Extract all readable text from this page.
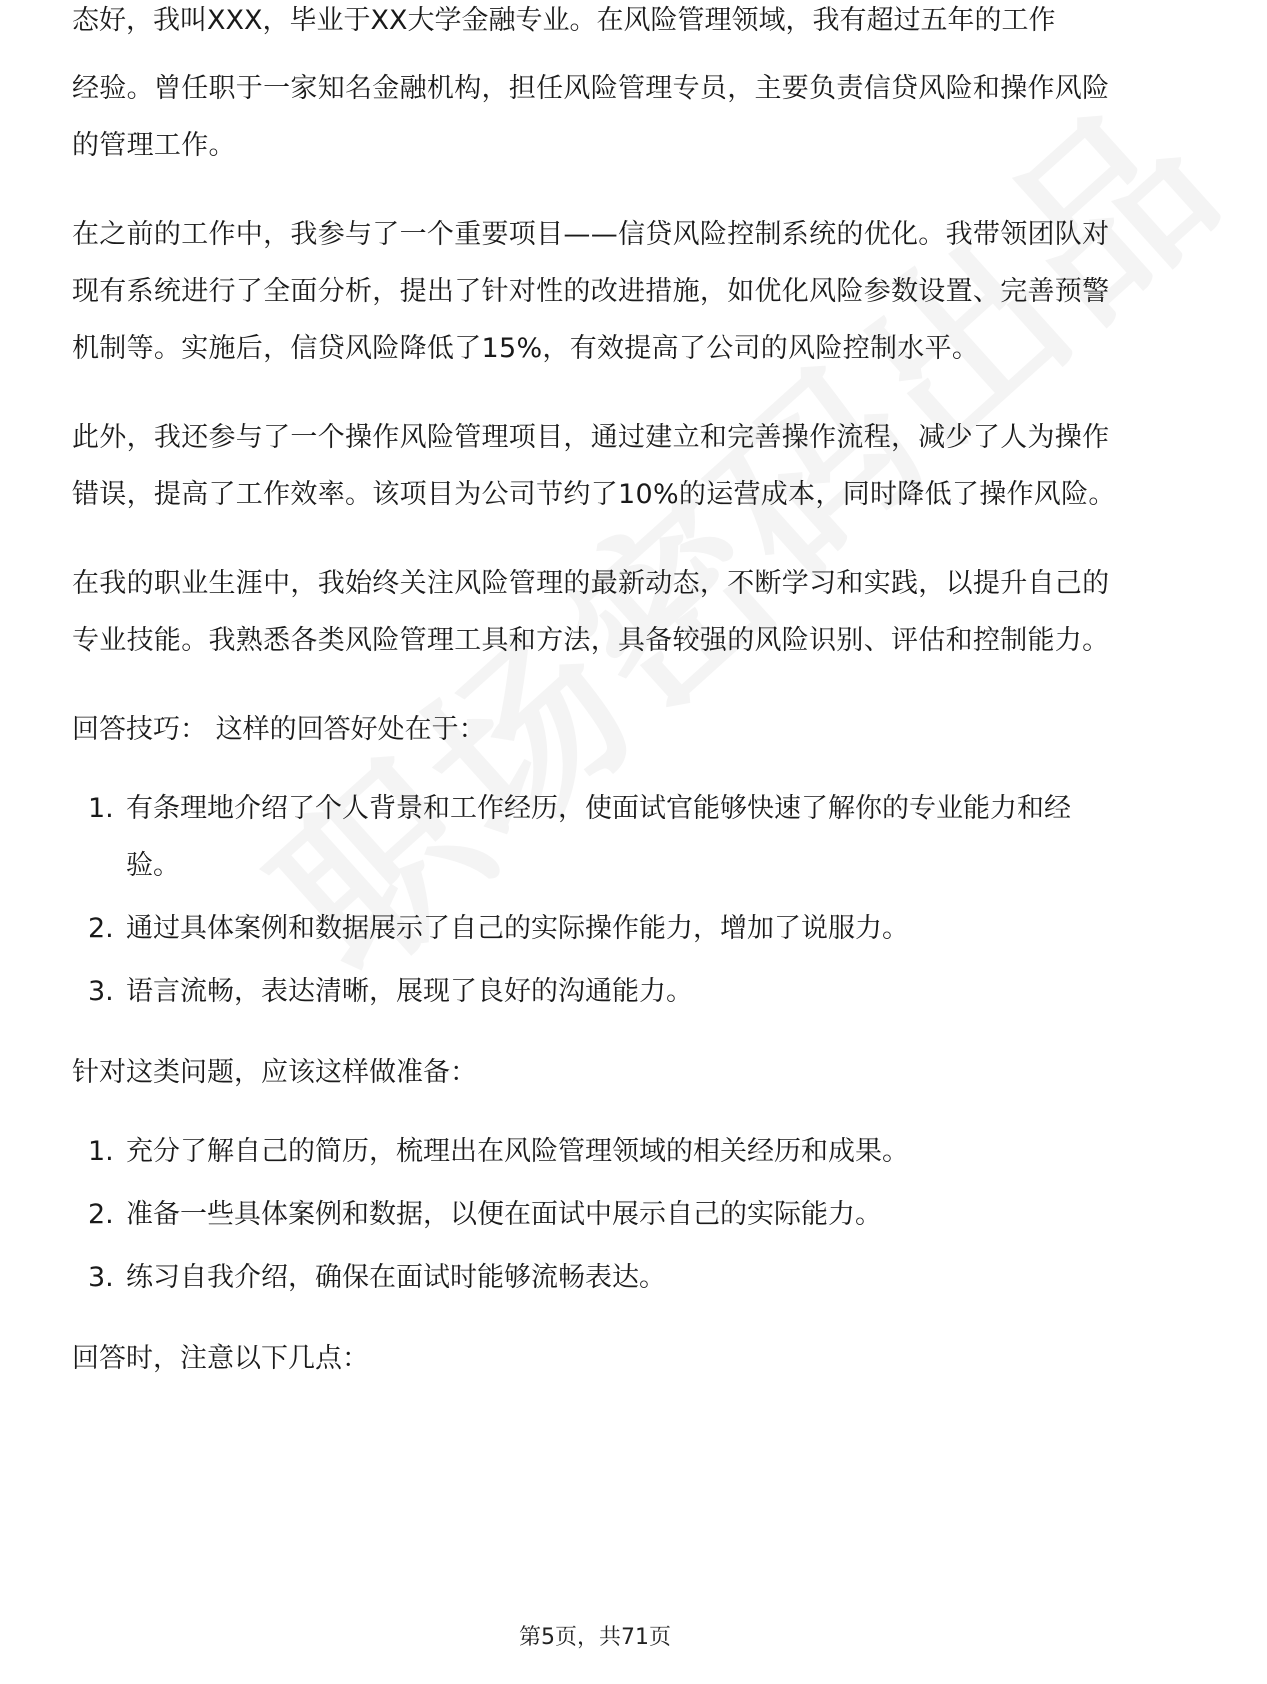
态好，我叫XXX，毕业于XX大学金融专业。在风险管理领域，我有超过五年的工作

经验。曾任职于一家知名金融机构，担任风险管理专员，主要负责信贷风险和操作风险的管理工作。

在之前的工作中，我参与了一个重要项目——信贷风险控制系统的优化。我带领团队对现有系统进行了全面分析，提出了针对性的改进措施，如优化风险参数设置、完善预警机制等。实施后，信贷风险降低了15%，有效提高了公司的风险控制水平。

此外，我还参与了一个操作风险管理项目，通过建立和完善操作流程，减少了人为操作错误，提高了工作效率。该项目为公司节约了10%的运营成本，同时降低了操作风险。

在我的职业生涯中，我始终关注风险管理的最新动态，不断学习和实践，以提升自己的专业技能。我熟悉各类风险管理工具和方法，具备较强的风险识别、评估和控制能力。

回答技巧： 这样的回答好处在于：

1. 有条理地介绍了个人背景和工作经历，使面试官能够快速了解你的专业能力和经验。
2. 通过具体案例和数据展示了自己的实际操作能力，增加了说服力。
3. 语言流畅，表达清晰，展现了良好的沟通能力。

针对这类问题，应该这样做准备：

1. 充分了解自己的简历，梳理出在风险管理领域的相关经历和成果。
2. 准备一些具体案例和数据，以便在面试中展示自己的实际能力。
3. 练习自我介绍，确保在面试时能够流畅表达。

回答时，注意以下几点：

第5页，共71页
